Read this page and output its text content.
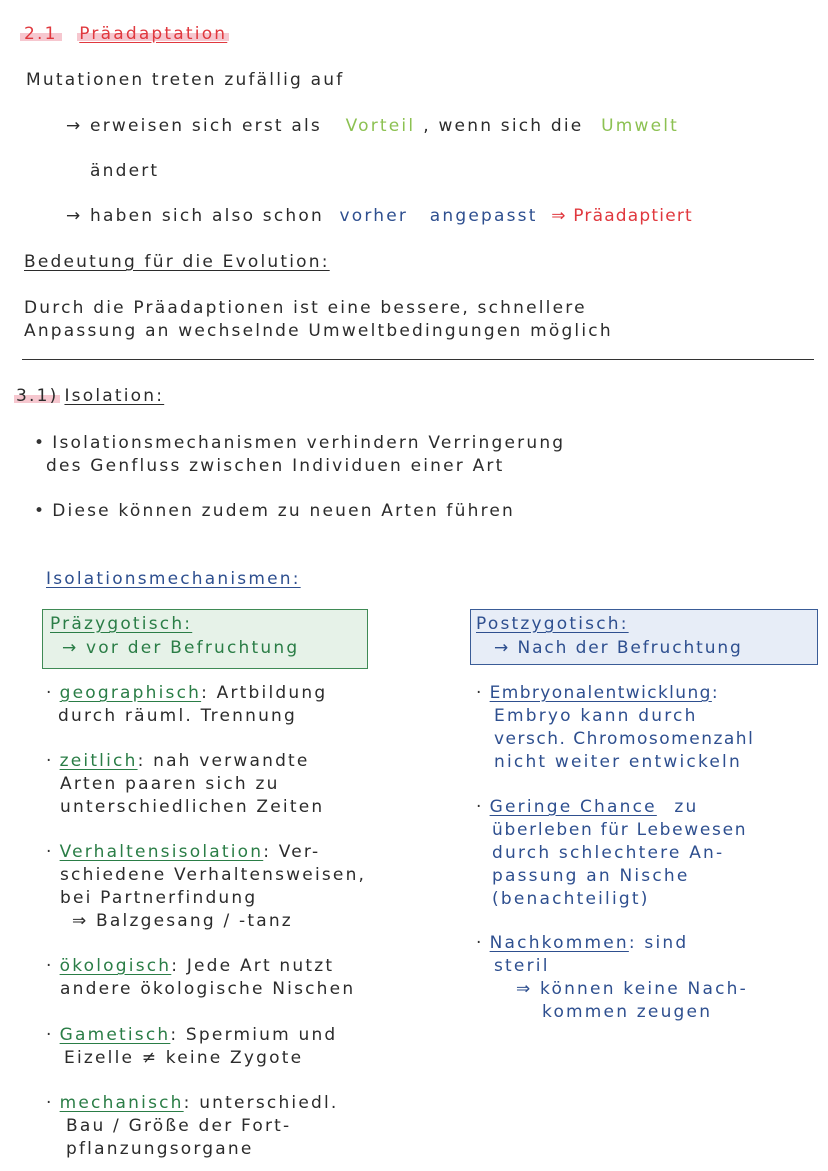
2.1 Präadaptation
Mutationen treten zufällig auf
→ erweisen sich erst als Vorteil , wenn sich die Umwelt
ändert
→ haben sich also schon vorher angepasst ⇒ Präadaptiert
Bedeutung für die Evolution:
Durch die Präadaptionen ist eine bessere, schnellere
Anpassung an wechselnde Umweltbedingungen möglich
3.1) Isolation:
• Isolationsmechanismen verhindern Verringerung
des Genfluss zwischen Individuen einer Art
• Diese können zudem zu neuen Arten führen
Isolationsmechanismen:
Präzygotisch:
→ vor der Befruchtung
Postzygotisch:
→ Nach der Befruchtung
· geographisch: Artbildung
durch räuml. Trennung
· zeitlich: nah verwandte
Arten paaren sich zu
unterschiedlichen Zeiten
· Verhaltensisolation: Ver-
schiedene Verhaltensweisen,
bei Partnerfindung
⇒ Balzgesang / -tanz
· ökologisch: Jede Art nutzt
andere ökologische Nischen
· Gametisch: Spermium und
Eizelle ≠ keine Zygote
· mechanisch: unterschiedl.
Bau / Größe der Fort-
pflanzungsorgane
· Embryonalentwicklung:
Embryo kann durch
versch. Chromosomenzahl
nicht weiter entwickeln
· Geringe Chance zu
überleben für Lebewesen
durch schlechtere An-
passung an Nische
(benachteiligt)
· Nachkommen: sind
steril
⇒ können keine Nach-
kommen zeugen
